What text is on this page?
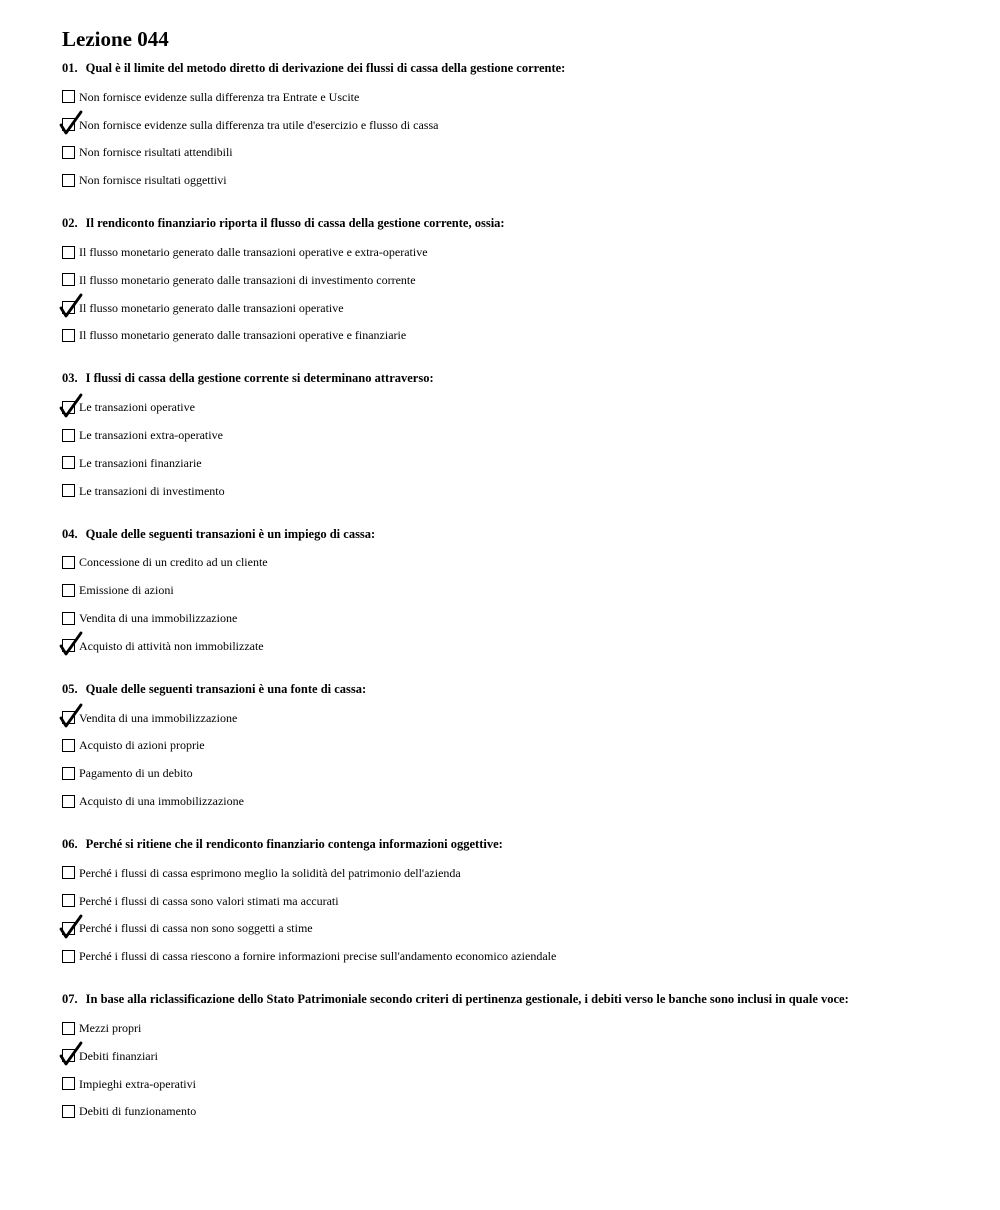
Lezione 044
01. Qual è il limite del metodo diretto di derivazione dei flussi di cassa della gestione corrente:
Non fornisce evidenze sulla differenza tra Entrate e Uscite
Non fornisce evidenze sulla differenza tra utile d'esercizio e flusso di cassa
Non fornisce risultati attendibili
Non fornisce risultati oggettivi
02. Il rendiconto finanziario riporta il flusso di cassa della gestione corrente, ossia:
Il flusso monetario generato dalle transazioni operative e extra-operative
Il flusso monetario generato dalle transazioni di investimento corrente
Il flusso monetario generato dalle transazioni operative
Il flusso monetario generato dalle transazioni operative e finanziarie
03. I flussi di cassa della gestione corrente si determinano attraverso:
Le transazioni operative
Le transazioni extra-operative
Le transazioni finanziarie
Le transazioni di investimento
04. Quale delle seguenti transazioni è un impiego di cassa:
Concessione di un credito ad un cliente
Emissione di azioni
Vendita di una immobilizzazione
Acquisto di attività non immobilizzate
05. Quale delle seguenti transazioni è una fonte di cassa:
Vendita di una immobilizzazione
Acquisto di azioni proprie
Pagamento di un debito
Acquisto di una immobilizzazione
06. Perché si ritiene che il rendiconto finanziario contenga informazioni oggettive:
Perché i flussi di cassa esprimono meglio la solidità del patrimonio dell'azienda
Perché i flussi di cassa sono valori stimati ma accurati
Perché i flussi di cassa non sono soggetti a stime
Perché i flussi di cassa riescono a fornire informazioni precise sull'andamento economico aziendale
07. In base alla riclassificazione dello Stato Patrimoniale secondo criteri di pertinenza gestionale, i debiti verso le banche sono inclusi in quale voce:
Mezzi propri
Debiti finanziari
Impieghi extra-operativi
Debiti di funzionamento
